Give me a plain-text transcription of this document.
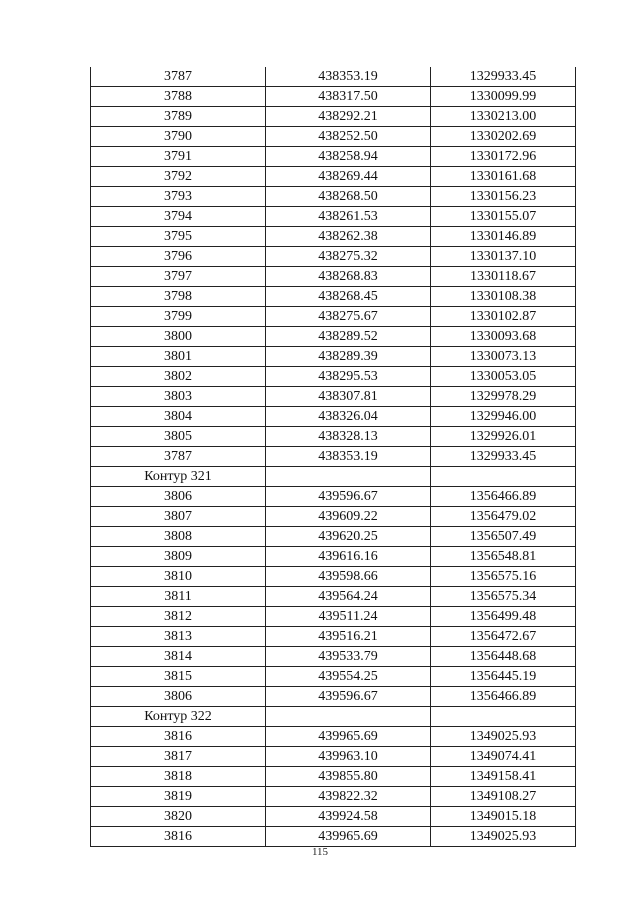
3787	438353.19	1329933.45
3788	438317.50	1330099.99
3789	438292.21	1330213.00
3790	438252.50	1330202.69
3791	438258.94	1330172.96
3792	438269.44	1330161.68
3793	438268.50	1330156.23
3794	438261.53	1330155.07
3795	438262.38	1330146.89
3796	438275.32	1330137.10
3797	438268.83	1330118.67
3798	438268.45	1330108.38
3799	438275.67	1330102.87
3800	438289.52	1330093.68
3801	438289.39	1330073.13
3802	438295.53	1330053.05
3803	438307.81	1329978.29
3804	438326.04	1329946.00
3805	438328.13	1329926.01
3787	438353.19	1329933.45
Контур 321		
3806	439596.67	1356466.89
3807	439609.22	1356479.02
3808	439620.25	1356507.49
3809	439616.16	1356548.81
3810	439598.66	1356575.16
3811	439564.24	1356575.34
3812	439511.24	1356499.48
3813	439516.21	1356472.67
3814	439533.79	1356448.68
3815	439554.25	1356445.19
3806	439596.67	1356466.89
Контур 322		
3816	439965.69	1349025.93
3817	439963.10	1349074.41
3818	439855.80	1349158.41
3819	439822.32	1349108.27
3820	439924.58	1349015.18
3816	439965.69	1349025.93
115
